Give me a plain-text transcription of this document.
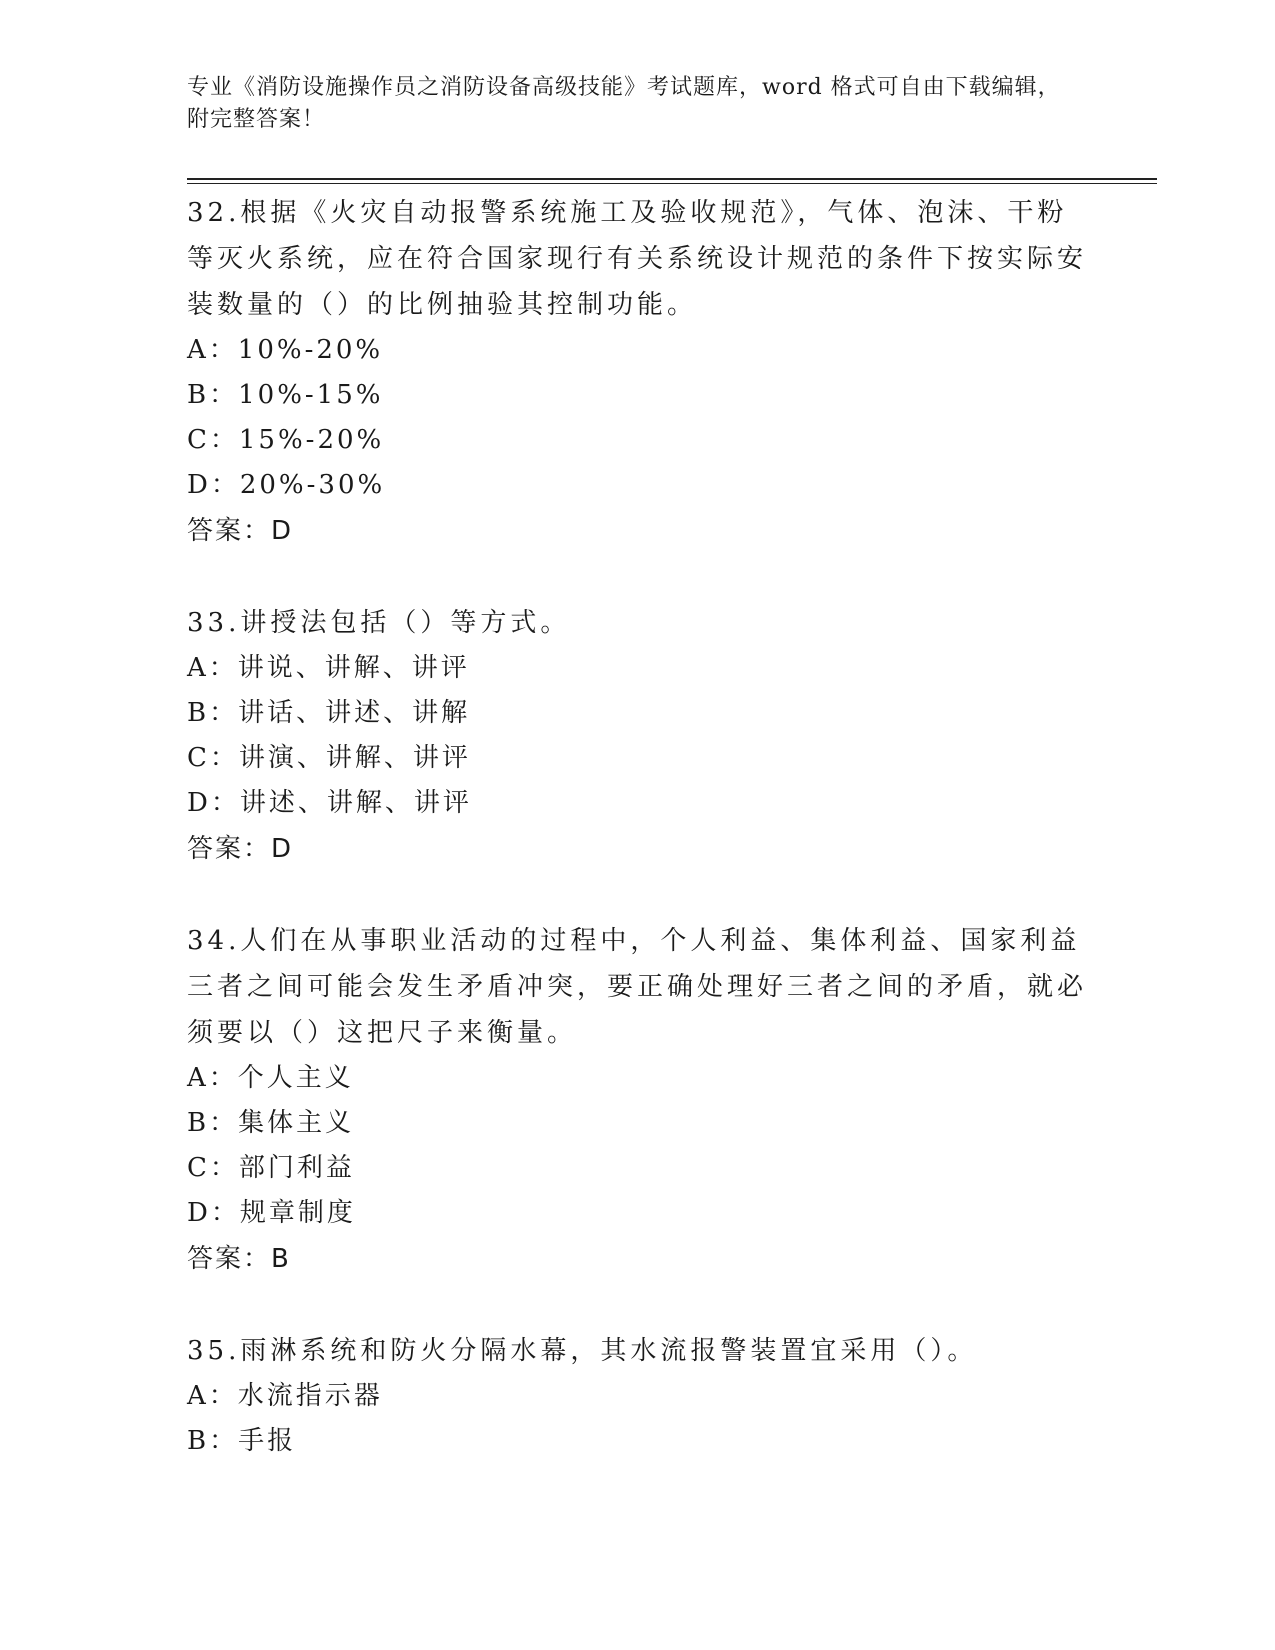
专业《消防设施操作员之消防设备高级技能》考试题库，word 格式可自由下载编辑，附完整答案！
32.根据《火灾自动报警系统施工及验收规范》，气体、泡沫、干粉等灭火系统，应在符合国家现行有关系统设计规范的条件下按实际安装数量的（）的比例抽验其控制功能。
A：10%-20%
B：10%-15%
C：15%-20%
D：20%-30%
答案：D
33.讲授法包括（）等方式。
A：讲说、讲解、讲评
B：讲话、讲述、讲解
C：讲演、讲解、讲评
D：讲述、讲解、讲评
答案：D
34.人们在从事职业活动的过程中，个人利益、集体利益、国家利益三者之间可能会发生矛盾冲突，要正确处理好三者之间的矛盾，就必须要以（）这把尺子来衡量。
A：个人主义
B：集体主义
C：部门利益
D：规章制度
答案：B
35.雨淋系统和防火分隔水幕，其水流报警装置宜采用（）。
A：水流指示器
B：手报
